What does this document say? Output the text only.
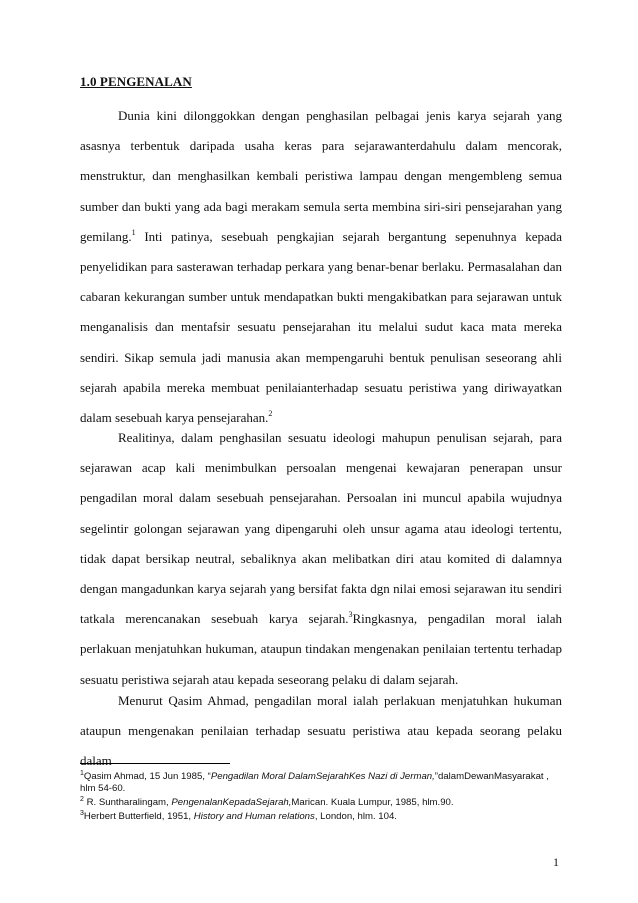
1.0 PENGENALAN

Dunia kini dilonggokkan dengan penghasilan pelbagai jenis karya sejarah yang asasnya terbentuk daripada usaha keras para sejarawanterdahulu dalam mencorak, menstruktur, dan menghasilkan kembali peristiwa lampau dengan mengembleng semua sumber dan bukti yang ada bagi merakam semula serta membina siri-siri pensejarahan yang gemilang.$^1$ Inti patinya, sesebuah pengkajian sejarah bergantung sepenuhnya kepada penyelidikan para sasterawan terhadap perkara yang benar-benar berlaku. Permasalahan dan cabaran kekurangan sumber untuk mendapatkan bukti mengakibatkan para sejarawan untuk menganalisis dan mentafsir sesuatu pensejarahan itu melalui sudut kaca mata mereka sendiri. Sikap semula jadi manusia akan mempengaruhi bentuk penulisan seseorang ahli sejarah apabila mereka membuat penilaianterhadap sesuatu peristiwa yang diriwayatkan dalam sesebuah karya pensejarahan.$^2$

Realitinya, dalam penghasilan sesuatu ideologi mahupun penulisan sejarah, para sejarawan acap kali menimbulkan persoalan mengenai kewajaran penerapan unsur pengadilan moral dalam sesebuah pensejarahan. Persoalan ini muncul apabila wujudnya segelintir golongan sejarawan yang dipengaruhi oleh unsur agama atau ideologi tertentu, tidak dapat bersikap neutral, sebaliknya akan melibatkan diri atau komited di dalamnya dengan mangadunkan karya sejarah yang bersifat fakta dgn nilai emosi sejarawan itu sendiri tatkala merencanakan sesebuah karya sejarah.$^3$Ringkasnya, pengadilan moral ialah perlakuan menjatuhkan hukuman, ataupun tindakan mengenakan penilaian tertentu terhadap sesuatu peristiwa sejarah atau kepada seseorang pelaku di dalam sejarah.

Menurut Qasim Ahmad, pengadilan moral ialah perlakuan menjatuhkan hukuman ataupun mengenakan penilaian terhadap sesuatu peristiwa atau kepada seorang pelaku dalam

$^1$Qasim Ahmad, 15 Jun 1985, “Pengadilan Moral DalamSejarahKes Nazi di Jerman,”dalamDewanMasyarakat , hlm 54-60.

$^2$ R. Suntharalingam, PengenalanKepadaSejarah,Marican. Kuala Lumpur, 1985, hlm.90.

$^3$Herbert Butterfield, 1951, History and Human relations, London, hlm. 104.

1
